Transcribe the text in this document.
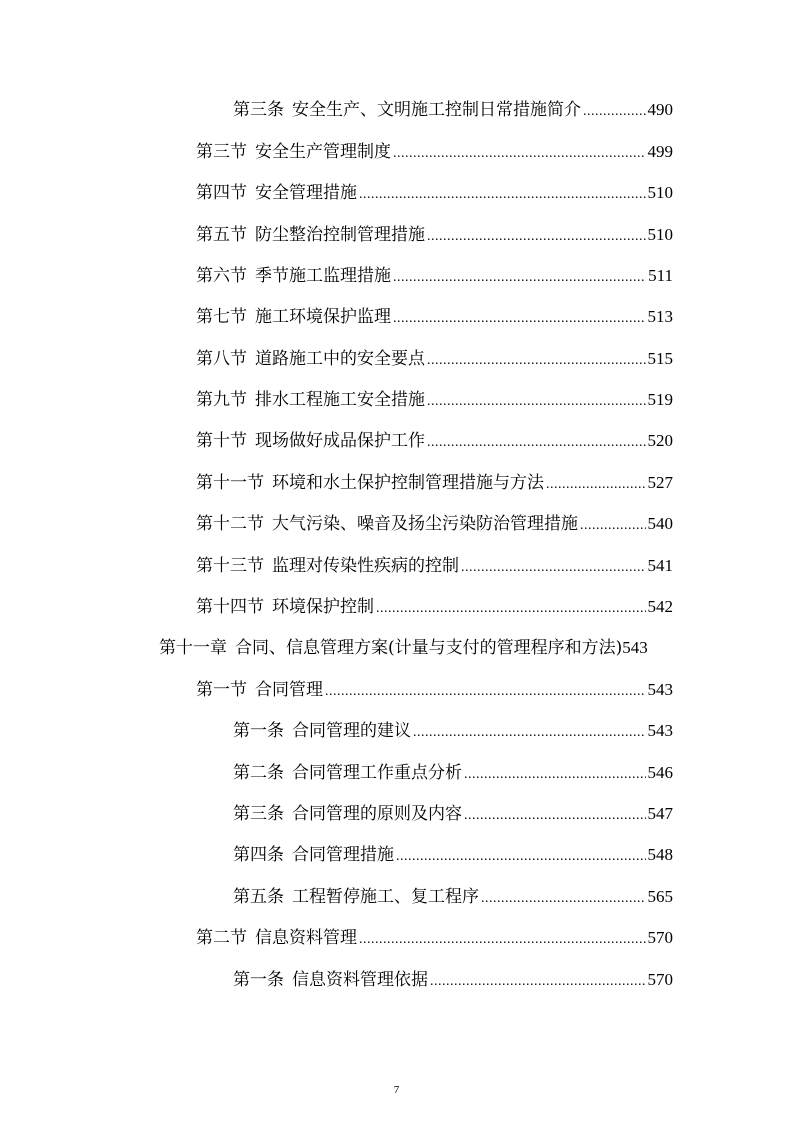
第三条 安全生产、文明施工控制日常措施简介 .....	490
第三节 安全生产管理制度 .....	499
第四节 安全管理措施 .....	510
第五节 防尘整治控制管理措施 .....	510
第六节 季节施工监理措施 .....	511
第七节 施工环境保护监理 .....	513
第八节 道路施工中的安全要点 .....	515
第九节 排水工程施工安全措施 .....	519
第十节 现场做好成品保护工作 .....	520
第十一节 环境和水土保护控制管理措施与方法 .....	527
第十二节 大气污染、噪音及扬尘污染防治管理措施 .....	540
第十三节 监理对传染性疾病的控制 .....	541
第十四节 环境保护控制 .....	542
第十一章 合同、信息管理方案(计量与支付的管理程序和方法) 543
第一节 合同管理 .....	543
第一条 合同管理的建议 .....	543
第二条 合同管理工作重点分析 .....	546
第三条 合同管理的原则及内容 .....	547
第四条 合同管理措施 .....	548
第五条 工程暂停施工、复工程序 .....	565
第二节 信息资料管理 .....	570
第一条 信息资料管理依据 .....	570
7
